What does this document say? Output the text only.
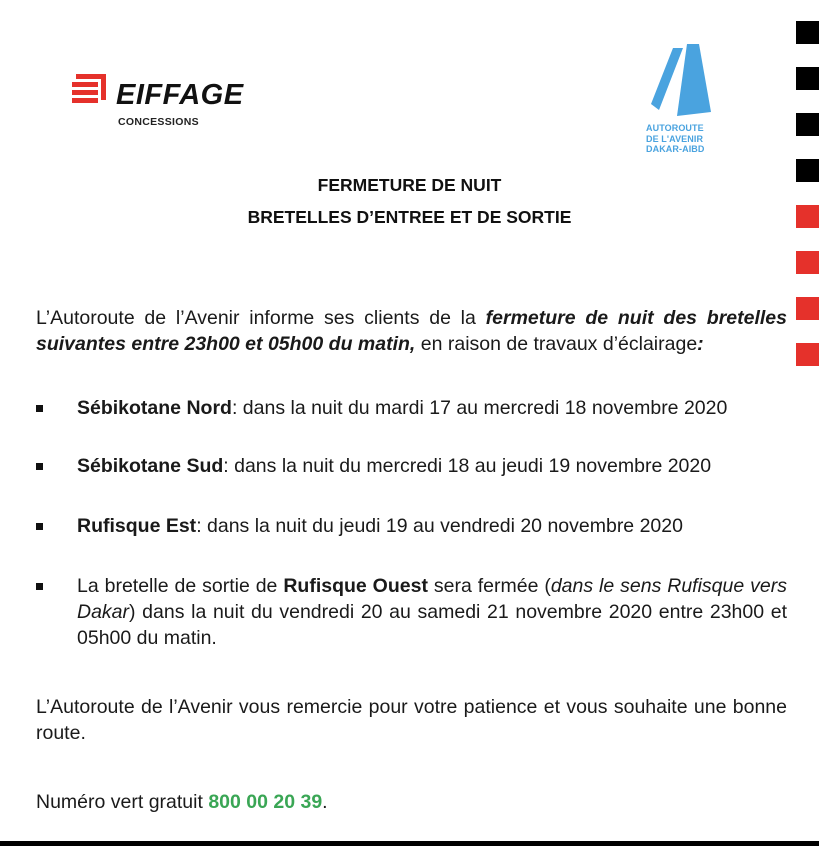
EIFFAGE
CONCESSIONS	AUTOROUTE
DE L'AVENIR
DAKAR-AIBD
FERMETURE DE NUIT
BRETELLES D’ENTREE ET DE SORTIE
L’Autoroute de l’Avenir informe ses clients de la fermeture de nuit des bretelles suivantes entre 23h00 et 05h00 du matin, en raison de travaux d’éclairage:
Sébikotane Nord: dans la nuit du mardi 17 au mercredi 18 novembre 2020
Sébikotane Sud: dans la nuit du mercredi 18 au jeudi 19 novembre 2020
Rufisque Est: dans la nuit du jeudi 19 au vendredi 20 novembre 2020
La bretelle de sortie de Rufisque Ouest sera fermée (dans le sens Rufisque vers Dakar) dans la nuit du vendredi 20 au samedi 21 novembre 2020 entre 23h00 et 05h00 du matin.
L’Autoroute de l’Avenir vous remercie pour votre patience et vous souhaite une bonne route.
Numéro vert gratuit 800 00 20 39.
